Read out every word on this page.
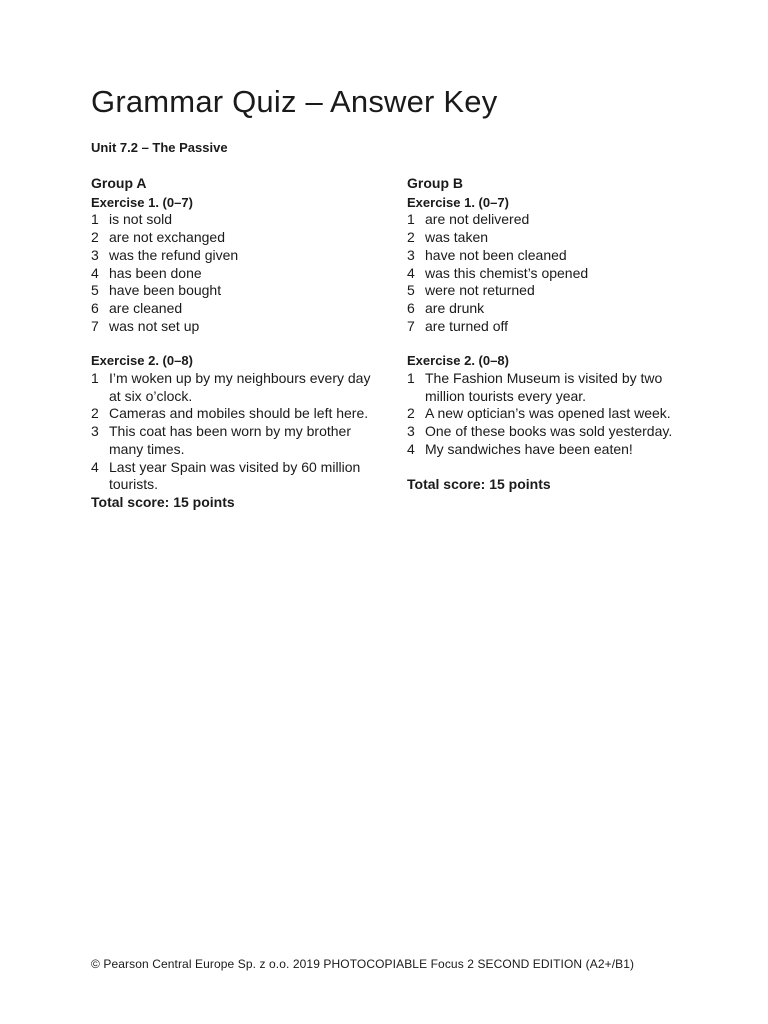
Grammar Quiz – Answer Key
Unit 7.2 – The Passive
Group A
Exercise 1. (0–7)
1 is not sold
2 are not exchanged
3 was the refund given
4 has been done
5 have been bought
6 are cleaned
7 was not set up
Exercise 2. (0–8)
1 I’m woken up by my neighbours every day at six o’clock.
2 Cameras and mobiles should be left here.
3 This coat has been worn by my brother many times.
4 Last year Spain was visited by 60 million tourists.
Total score: 15 points
Group B
Exercise 1. (0–7)
1 are not delivered
2 was taken
3 have not been cleaned
4 was this chemist’s opened
5 were not returned
6 are drunk
7 are turned off
Exercise 2. (0–8)
1 The Fashion Museum is visited by two million tourists every year.
2 A new optician’s was opened last week.
3 One of these books was sold yesterday.
4 My sandwiches have been eaten!
Total score: 15 points
© Pearson Central Europe Sp. z o.o. 2019 PHOTOCOPIABLE Focus 2 SECOND EDITION (A2+/B1)
